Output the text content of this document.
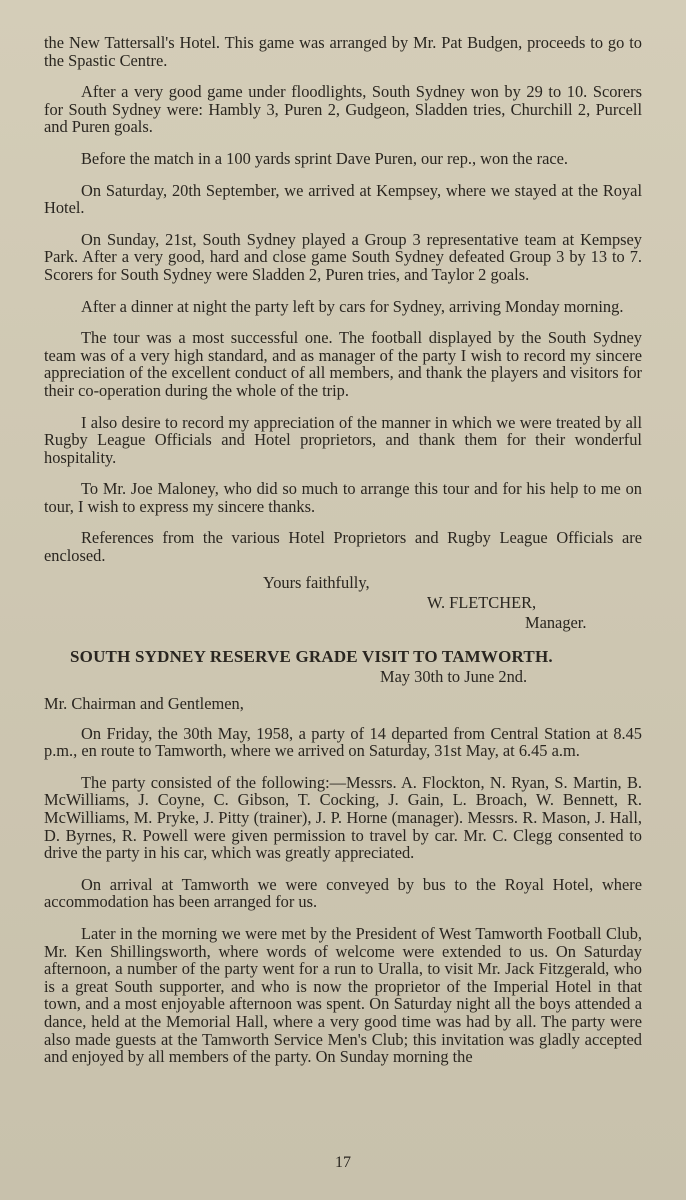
the New Tattersall's Hotel. This game was arranged by Mr. Pat Budgen, proceeds to go to the Spastic Centre.

After a very good game under floodlights, South Sydney won by 29 to 10. Scorers for South Sydney were: Hambly 3, Puren 2, Gudgeon, Sladden tries, Churchill 2, Purcell and Puren goals.

Before the match in a 100 yards sprint Dave Puren, our rep., won the race.

On Saturday, 20th September, we arrived at Kempsey, where we stayed at the Royal Hotel.

On Sunday, 21st, South Sydney played a Group 3 representative team at Kempsey Park. After a very good, hard and close game South Sydney defeated Group 3 by 13 to 7. Scorers for South Sydney were Sladden 2, Puren tries, and Taylor 2 goals.

After a dinner at night the party left by cars for Sydney, arriving Monday morning.

The tour was a most successful one. The football displayed by the South Sydney team was of a very high standard, and as manager of the party I wish to record my sincere appreciation of the excellent conduct of all members, and thank the players and visitors for their co-operation during the whole of the trip.

I also desire to record my appreciation of the manner in which we were treated by all Rugby League Officials and Hotel proprietors, and thank them for their wonderful hospitality.

To Mr. Joe Maloney, who did so much to arrange this tour and for his help to me on tour, I wish to express my sincere thanks.

References from the various Hotel Proprietors and Rugby League Officials are enclosed.

Yours faithfully,
W. FLETCHER,
Manager.
SOUTH SYDNEY RESERVE GRADE VISIT TO TAMWORTH.
May 30th to June 2nd.
Mr. Chairman and Gentlemen,

On Friday, the 30th May, 1958, a party of 14 departed from Central Station at 8.45 p.m., en route to Tamworth, where we arrived on Saturday, 31st May, at 6.45 a.m.

The party consisted of the following:—Messrs. A. Flockton, N. Ryan, S. Martin, B. McWilliams, J. Coyne, C. Gibson, T. Cocking, J. Gain, L. Broach, W. Bennett, R. McWilliams, M. Pryke, J. Pitty (trainer), J. P. Horne (manager). Messrs. R. Mason, J. Hall, D. Byrnes, R. Powell were given permission to travel by car. Mr. C. Clegg consented to drive the party in his car, which was greatly appreciated.

On arrival at Tamworth we were conveyed by bus to the Royal Hotel, where accommodation has been arranged for us.

Later in the morning we were met by the President of West Tamworth Football Club, Mr. Ken Shillingsworth, where words of welcome were extended to us. On Saturday afternoon, a number of the party went for a run to Uralla, to visit Mr. Jack Fitzgerald, who is a great South supporter, and who is now the proprietor of the Imperial Hotel in that town, and a most enjoyable afternoon was spent. On Saturday night all the boys attended a dance, held at the Memorial Hall, where a very good time was had by all. The party were also made guests at the Tamworth Service Men's Club; this invitation was gladly accepted and enjoyed by all members of the party. On Sunday morning the

17
